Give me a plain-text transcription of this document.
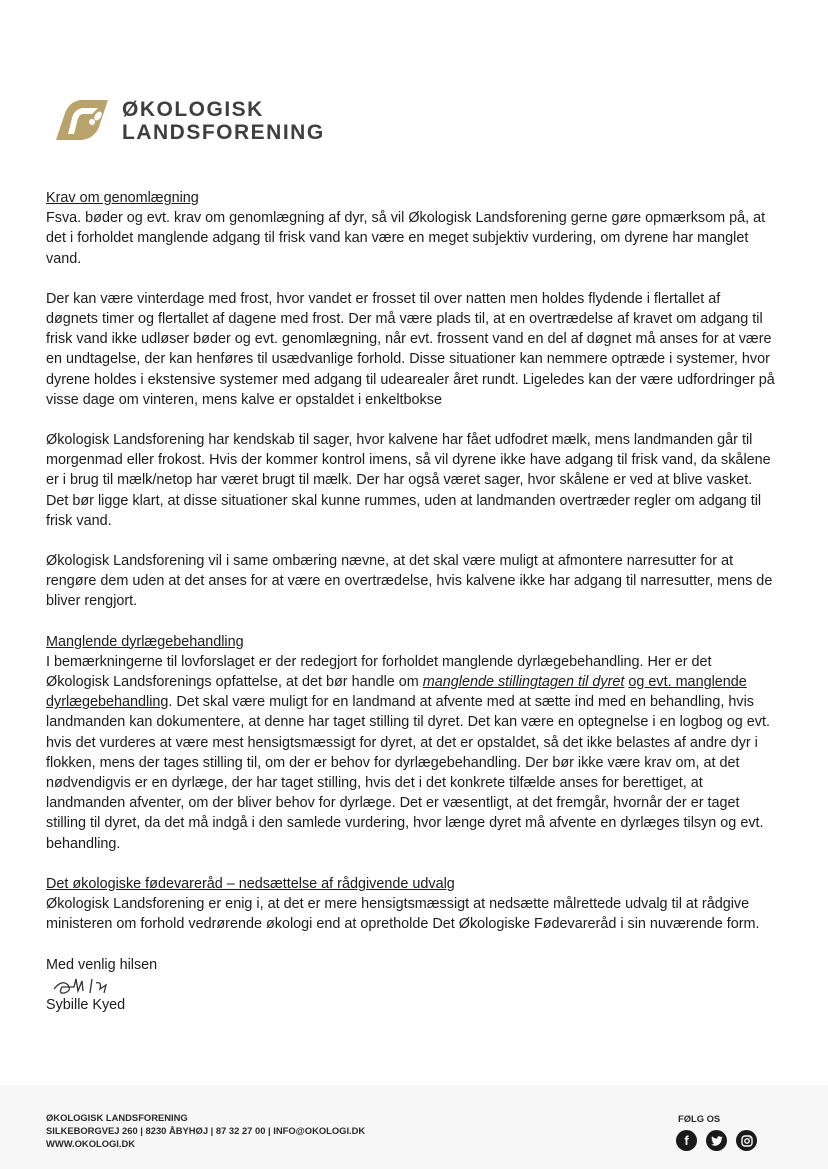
ØKOLOGISK
LANDSFORENING

Krav om genomlægning

Fsva. bøder og evt. krav om genomlægning af dyr, så vil Økologisk Landsforening gerne gøre opmærksom på, at det i forholdet manglende adgang til frisk vand kan være en meget subjektiv vurdering, om dyrene har manglet vand.

Der kan være vinterdage med frost, hvor vandet er frosset til over natten men holdes flydende i flertallet af døgnets timer og flertallet af dagene med frost. Der må være plads til, at en overtrædelse af kravet om adgang til frisk vand ikke udløser bøder og evt. genomlægning, når evt. frossent vand en del af døgnet må anses for at være en undtagelse, der kan henføres til usædvanlige forhold. Disse situationer kan nemmere optræde i systemer, hvor dyrene holdes i ekstensive systemer med adgang til udearealer året rundt. Ligeledes kan der være udfordringer på visse dage om vinteren, mens kalve er opstaldet i enkeltbokse

Økologisk Landsforening har kendskab til sager, hvor kalvene har fået udfodret mælk, mens landmanden går til morgenmad eller frokost. Hvis der kommer kontrol imens, så vil dyrene ikke have adgang til frisk vand, da skålene er i brug til mælk/netop har været brugt til mælk. Der har også været sager, hvor skålene er ved at blive vasket. Det bør ligge klart, at disse situationer skal kunne rummes, uden at landmanden overtræder regler om adgang til frisk vand.

Økologisk Landsforening vil i same ombæring nævne, at det skal være muligt at afmontere narresutter for at rengøre dem uden at det anses for at være en overtrædelse, hvis kalvene ikke har adgang til narresutter, mens de bliver rengjort.

Manglende dyrlægebehandling

I bemærkningerne til lovforslaget er der redegjort for forholdet manglende dyrlægebehandling. Her er det Økologisk Landsforenings opfattelse, at det bør handle om manglende stillingtagen til dyret og evt. manglende dyrlægebehandling. Det skal være muligt for en landmand at afvente med at sætte ind med en behandling, hvis landmanden kan dokumentere, at denne har taget stilling til dyret. Det kan være en optegnelse i en logbog og evt. hvis det vurderes at være mest hensigtsmæssigt for dyret, at det er opstaldet, så det ikke belastes af andre dyr i flokken, mens der tages stilling til, om der er behov for dyrlægebehandling. Der bør ikke være krav om, at det nødvendigvis er en dyrlæge, der har taget stilling, hvis det i det konkrete tilfælde anses for berettiget, at landmanden afventer, om der bliver behov for dyrlæge. Det er væsentligt, at det fremgår, hvornår der er taget stilling til dyret, da det må indgå i den samlede vurdering, hvor længe dyret må afvente en dyrlæges tilsyn og evt. behandling.

Det økologiske fødevareråd – nedsættelse af rådgivende udvalg

Økologisk Landsforening er enig i, at det er mere hensigtsmæssigt at nedsætte målrettede udvalg til at rådgive ministeren om forhold vedrørende økologi end at opretholde Det Økologiske Fødevareråd i sin nuværende form.

Med venlig hilsen

Sybille Kyed

ØKOLOGISK LANDSFORENING
SILKEBORGVEJ 260 | 8230 ÅBYHØJ | 87 32 27 00 | INFO@OKOLOGI.DK
WWW.OKOLOGI.DK
FØLG OS
f
